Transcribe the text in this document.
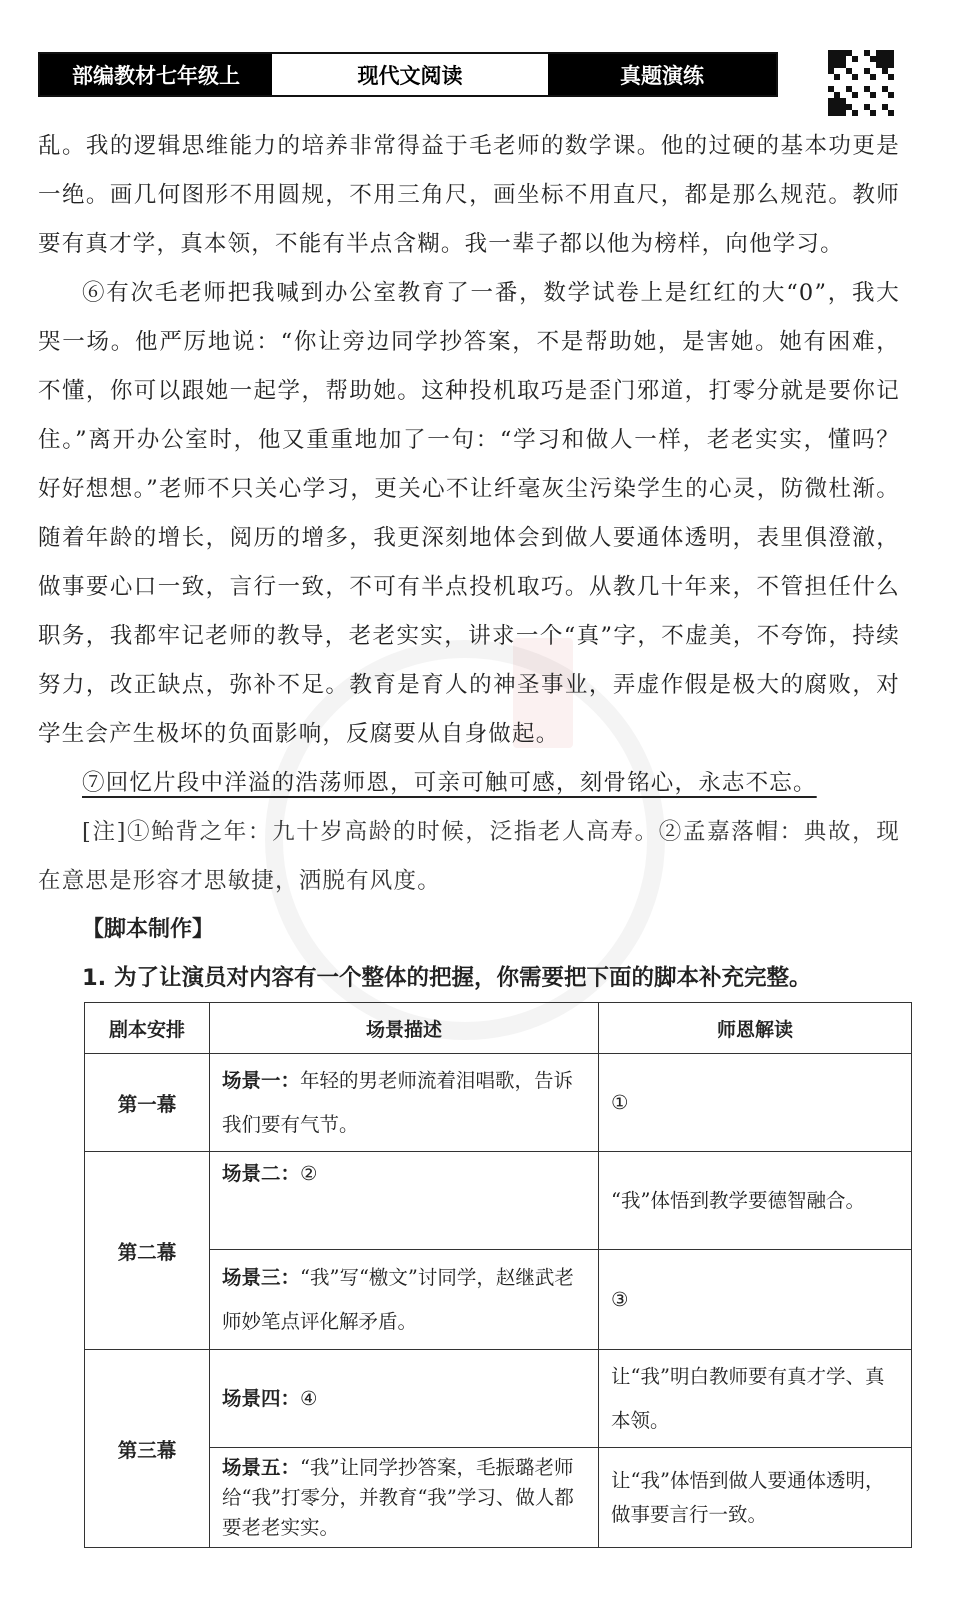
部编教材七年级上	现代文阅读	真题演练

乱。我的逻辑思维能力的培养非常得益于毛老师的数学课。他的过硬的基本功更是一绝。画几何图形不用圆规，不用三角尺，画坐标不用直尺，都是那么规范。教师要有真才学，真本领，不能有半点含糊。我一辈子都以他为榜样，向他学习。

⑥有次毛老师把我喊到办公室教育了一番，数学试卷上是红红的大“0”，我大哭一场。他严厉地说：“你让旁边同学抄答案，不是帮助她，是害她。她有困难，不懂，你可以跟她一起学，帮助她。这种投机取巧是歪门邪道，打零分就是要你记住。”离开办公室时，他又重重地加了一句：“学习和做人一样，老老实实，懂吗？好好想想。”老师不只关心学习，更关心不让纤毫灰尘污染学生的心灵，防微杜渐。随着年龄的增长，阅历的增多，我更深刻地体会到做人要通体透明，表里俱澄澈，做事要心口一致，言行一致，不可有半点投机取巧。从教几十年来，不管担任什么职务，我都牢记老师的教导，老老实实，讲求一个“真”字，不虚美，不夸饰，持续努力，改正缺点，弥补不足。教育是育人的神圣事业，弄虚作假是极大的腐败，对学生会产生极坏的负面影响，反腐要从自身做起。

⑦回忆片段中洋溢的浩荡师恩，可亲可触可感，刻骨铭心，永志不忘。

[注]①鲐背之年：九十岁高龄的时候，泛指老人高寿。②孟嘉落帽：典故，现在意思是形容才思敏捷，洒脱有风度。

【脚本制作】

1. 为了让演员对内容有一个整体的把握，你需要把下面的脚本补充完整。

剧本安排	场景描述	师恩解读
第一幕	场景一：年轻的男老师流着泪唱歌，告诉我们要有气节。	①
第二幕	场景二：②	“我”体悟到教学要德智融合。
	场景三：“我”写“檄文”讨同学，赵继武老师妙笔点评化解矛盾。	③
第三幕	场景四：④	让“我”明白教师要有真才学、真本领。
	场景五：“我”让同学抄答案，毛振璐老师给“我”打零分，并教育“我”学习、做人都要老老实实。	让“我”体悟到做人要通体透明，做事要言行一致。
